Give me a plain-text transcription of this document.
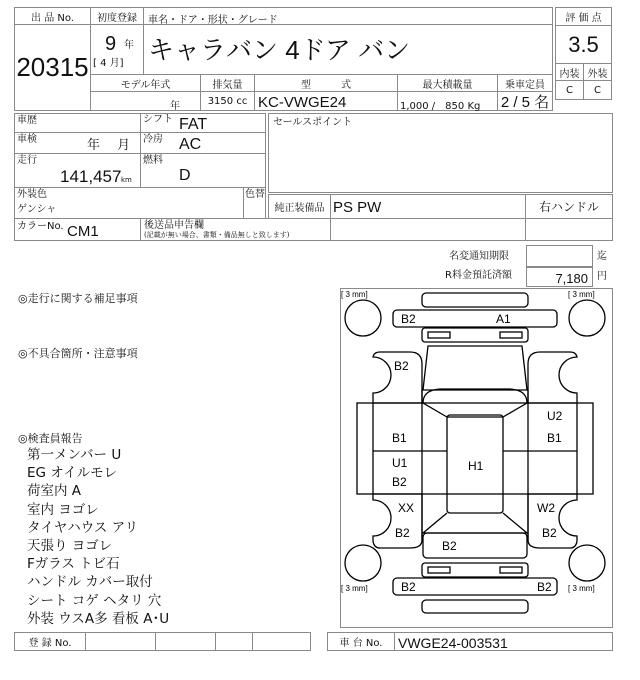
出 品 No.
20315
初度登録
9 年
[ 4 月]
車名・ドア・形状・グレード
キャラバン 4ドア バン
モデル年式	排気量	型　　　式	最大積載量	乗車定員
年	3150 cc KC-VWGE24	1,000 /　850 Kg	2 / 5 名
評 価 点
3.5
内装 外装
C	C
車歴
車検	年　 月
走行
141,457 km
シフト FAT
冷房 AC
燃料
D
外装色
ゲンシャ
色替
カラーNo. CM1	後送品申告欄
(記載が無い場合、書類・備品無しと致します)
セールスポイント
純正装備品 PS PW	右ハンドル
名変通知期限	迄
R料金預託済額	7,180 円
◎走行に関する補足事項
◎不具合箇所・注意事項
◎検査員報告
第一メンバー U
EG オイルモレ
荷室内 A
室内 ヨゴレ
タイヤハウス アリ
天張り ヨゴレ
Fガラス トビ石
ハンドル カバー取付
シート コゲ ヘタリ 穴
外装 ウスA多 看板 A･U
[ 3 mm]	[ 3 mm]
[ 3 mm]	[ 3 mm]
B2	A1
B2
B1
U1
B2
H1
U2
B1
XX
B2
W2
B2
B2
B2	B2
登 録 No.	車 台 No.	VWGE24-003531
